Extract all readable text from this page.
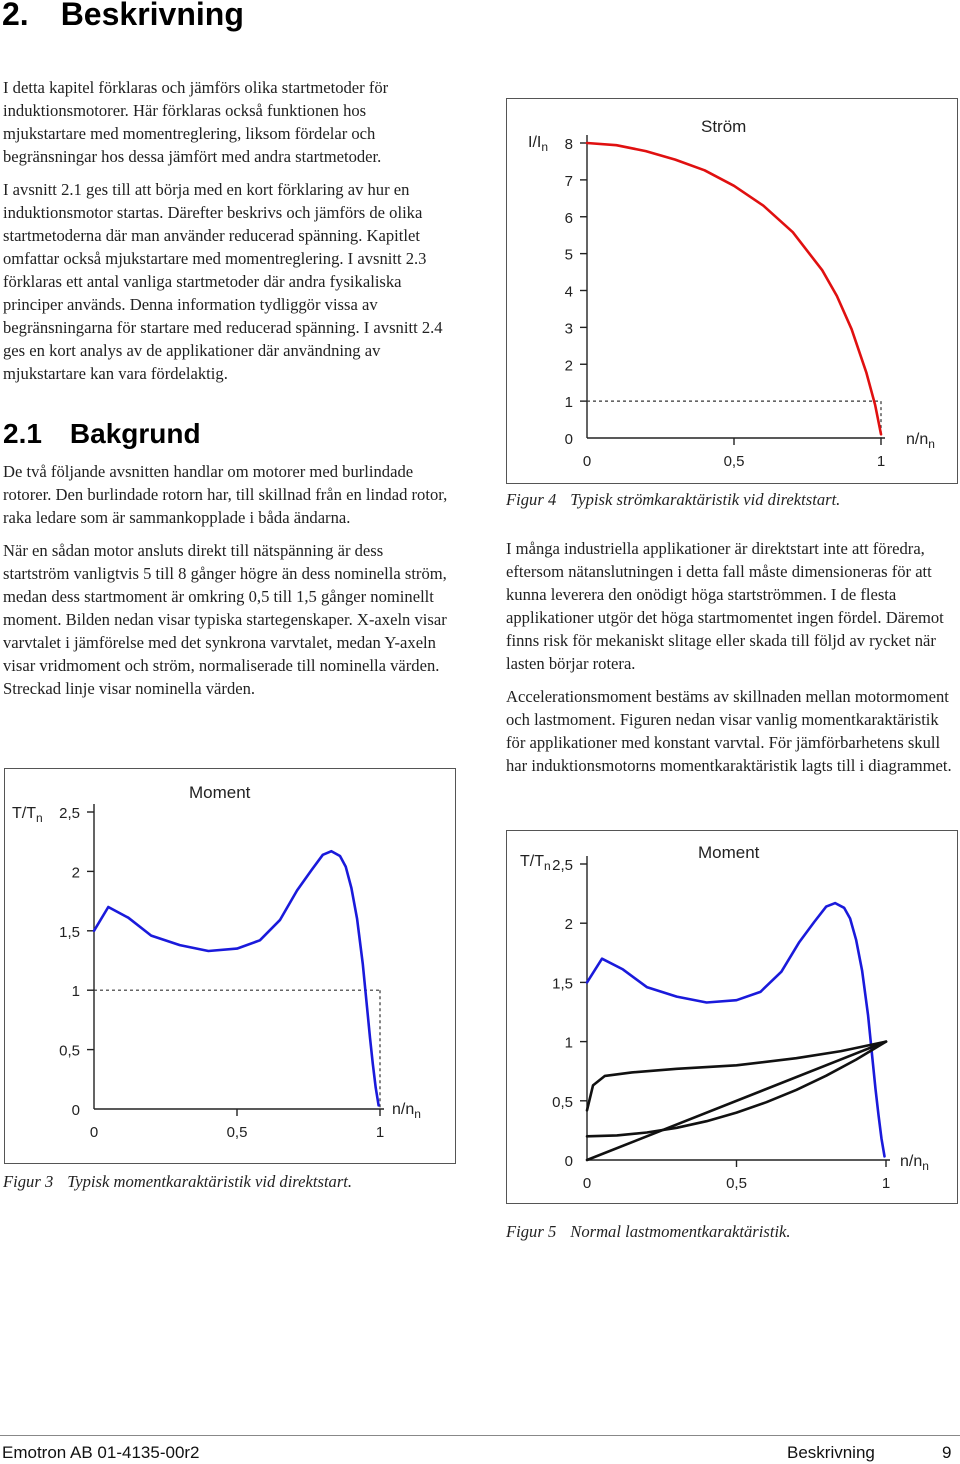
2. Beskrivning

I detta kapitel förklaras och jämförs olika startmetoder för induktionsmotorer. Här förklaras också funktionen hos mjukstartare med momentreglering, liksom fördelar och begränsningar hos dessa jämfört med andra startmetoder.

I avsnitt 2.1 ges till att börja med en kort förklaring av hur en induktionsmotor startas. Därefter beskrivs och jämförs de olika startmetoderna där man använder reducerad spänning. Kapitlet omfattar också mjukstartare med momentreglering. I avsnitt 2.3 förklaras ett antal vanliga startmetoder där andra fysikaliska principer används. Denna information tydliggör vissa av begränsningarna för startare med reducerad spänning. I avsnitt 2.4 ges en kort analys av de applikationer där användning av mjukstartare kan vara fördelaktig.

2.1 Bakgrund

De två följande avsnitten handlar om motorer med burlindade rotorer. Den burlindade rotorn har, till skillnad från en lindad rotor, raka ledare som är sammankopplade i båda ändarna.

När en sådan motor ansluts direkt till nätspänning är dess startström vanligtvis 5 till 8 gånger högre än dess nominella ström, medan dess startmoment är omkring 0,5 till 1,5 gånger nominellt moment. Bilden nedan visar typiska startegenskaper. X-axeln visar varvtalet i jämförelse med det synkrona varvtalet, medan Y-axeln visar vridmoment och ström, normaliserade till nominella värden. Streckad linje visar nominella värden.

I många industriella applikationer är direktstart inte att föredra, eftersom nätanslutningen i detta fall måste dimensioneras för att kunna leverera den onödigt höga startströmmen. I de flesta applikationer utgör det höga startmomentet ingen fördel. Däremot finns risk för mekaniskt slitage eller skada till följd av rycket när lasten börjar rotera.

Accelerationsmoment bestäms av skillnaden mellan motormoment och lastmoment. Figuren nedan visar vanlig momentkaraktäristik för applikationer med konstant varvtal. För jämförbarhetens skull har induktionsmotorns momentkaraktäristik lagts till i diagrammet.

Moment
$T/T_n$
$n/n_n$
0
0,5
1
1,5
2
2,5
0	0,5	1
Figur 3 Typisk momentkaraktäristik vid direktstart.
Ström
$I/I_n$
$n/n_n$
0
1
2
3
4
5
6
7
8
0	0,5	1
Figur 4 Typisk strömkaraktäristik vid direktstart.
Moment
$T/T_n$
$n/n_n$
0
0,5
1
1,5
2
2,5
0	0,5	1
Figur 5 Normal lastmomentkaraktäristik.
Emotron AB 01-4135-00r2	Beskrivning	9
